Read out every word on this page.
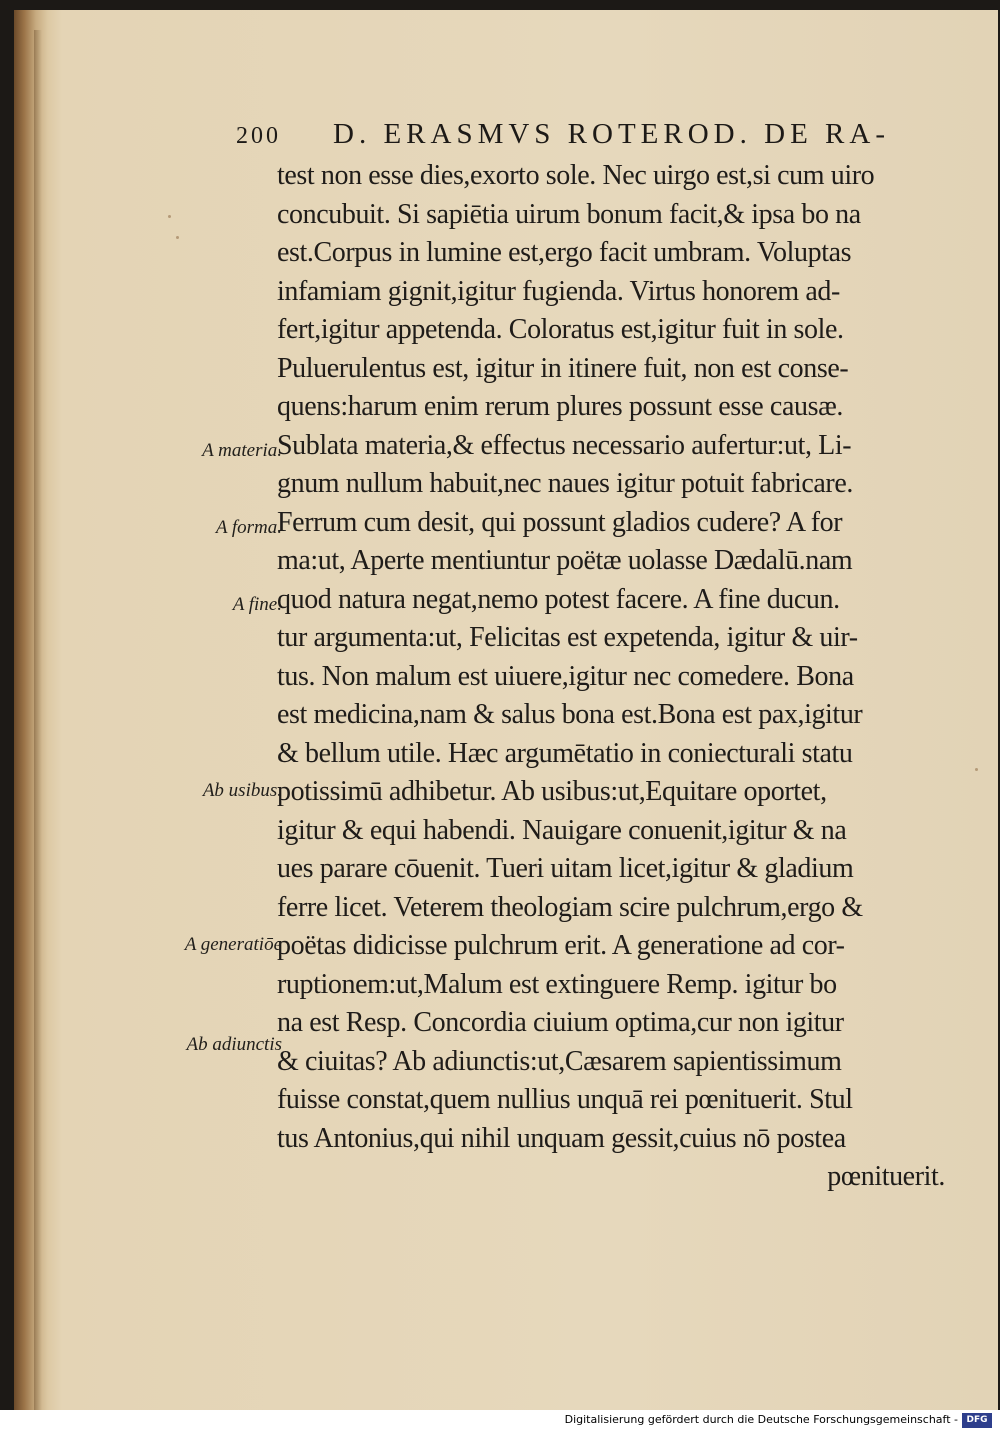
200 D. ERASMVS ROTEROD. DE RA-
test non esse dies,exorto sole. Nec uirgo est,si cum uiro
concubuit. Si sapiētia uirum bonum facit,& ipsa bo na
est.Corpus in lumine est,ergo facit umbram. Voluptas
infamiam gignit,igitur fugienda. Virtus honorem ad-
fert,igitur appetenda. Coloratus est,igitur fuit in sole.
Puluerulentus est, igitur in itinere fuit, non est conse-
quens:harum enim rerum plures possunt esse causæ.
Sublata materia,& effectus necessario aufertur:ut, Li-
gnum nullum habuit,nec naues igitur potuit fabricare.
Ferrum cum desit, qui possunt gladios cudere? A for
ma:ut, Aperte mentiuntur poëtæ uolasse Dædalū.nam
quod natura negat,nemo potest facere. A fine ducun.
tur argumenta:ut, Felicitas est expetenda, igitur & uir-
tus. Non malum est uiuere,igitur nec comedere. Bona
est medicina,nam & salus bona est.Bona est pax,igitur
& bellum utile. Hæc argumētatio in coniecturali statu
potissimū adhibetur. Ab usibus:ut,Equitare oportet,
igitur & equi habendi. Nauigare conuenit,igitur & na
ues parare cōuenit. Tueri uitam licet,igitur & gladium
ferre licet. Veterem theologiam scire pulchrum,ergo &
poëtas didicisse pulchrum erit. A generatione ad cor-
ruptionem:ut,Malum est extinguere Remp. igitur bo
na est Resp. Concordia ciuium optima,cur non igitur
& ciuitas? Ab adiunctis:ut,Cæsarem sapientissimum
fuisse constat,quem nullius unquā rei pœnituerit. Stul
tus Antonius,qui nihil unquam gessit,cuius nō postea
pœnituerit.
A materia.
A forma.
A fine.
Ab usibus.
A generatiōe
Ab adiunctis
Digitalisierung gefördert durch die Deutsche Forschungsgemeinschaft - DFG
